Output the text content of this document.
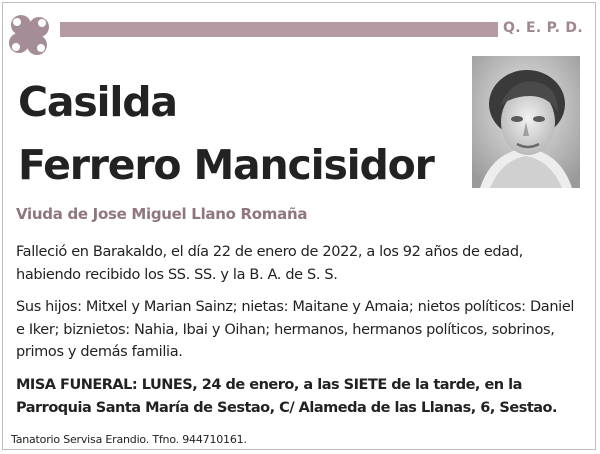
Q. E. P. D.
Casilda
Ferrero Mancisidor
Viuda de Jose Miguel Llano Romaña
Falleció en Barakaldo, el día 22 de enero de 2022, a los 92 años de edad, habiendo recibido los SS. SS. y la B. A. de S. S.
Sus hijos: Mitxel y Marian Sainz; nietas: Maitane y Amaia; nietos políticos: Daniel e Iker; biznietos: Nahia, Ibai y Oihan; hermanos, hermanos políticos, sobrinos, primos y demás familia.
MISA FUNERAL: LUNES, 24 de enero, a las SIETE de la tarde, en la Parroquia Santa María de Sestao, C/ Alameda de las Llanas, 6, Sestao.
Tanatorio Servisa Erandio. Tfno. 944710161.
